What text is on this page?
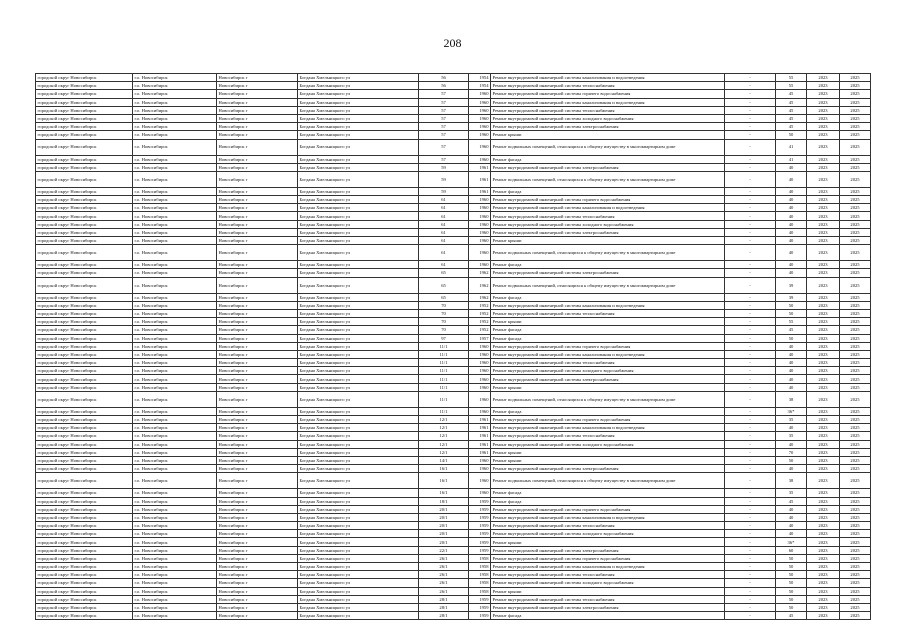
208
городской округ Новосибирск	г.о. Новосибирск	Новосибирск г	Богдана Хмельницкого ул	56	1954	Ремонт внутридомовой инженерной системы канализования и водоотведения	-	55	2023	2025
городской округ Новосибирск	г.о. Новосибирск	Новосибирск г	Богдана Хмельницкого ул	56	1954	Ремонт внутридомовой инженерной системы теплоснабжения	-	55	2023	2025
городской округ Новосибирск	г.о. Новосибирск	Новосибирск г	Богдана Хмельницкого ул	57	1960	Ремонт внутридомовой инженерной системы горячего водоснабжения	-	45	2023	2025
городской округ Новосибирск	г.о. Новосибирск	Новосибирск г	Богдана Хмельницкого ул	57	1960	Ремонт внутридомовой инженерной системы канализования и водоотведения	-	45	2023	2025
городской округ Новосибирск	г.о. Новосибирск	Новосибирск г	Богдана Хмельницкого ул	57	1960	Ремонт внутридомовой инженерной системы теплоснабжения	-	45	2023	2025
городской округ Новосибирск	г.о. Новосибирск	Новосибирск г	Богдана Хмельницкого ул	57	1960	Ремонт внутридомовой инженерной системы холодного водоснабжения	-	45	2023	2025
городской округ Новосибирск	г.о. Новосибирск	Новосибирск г	Богдана Хмельницкого ул	57	1960	Ремонт внутридомовой инженерной системы электроснабжения	-	45	2023	2025
городской округ Новосибирск	г.о. Новосибирск	Новосибирск г	Богдана Хмельницкого ул	57	1960	Ремонт крыши	-	50	2023	2025
городской округ Новосибирск	г.о. Новосибирск	Новосибирск г	Богдана Хмельницкого ул	57	1960	Ремонт подвальных помещений, относящихся к общему имуществу в многоквартирном доме	-	41	2023	2025
городской округ Новосибирск	г.о. Новосибирск	Новосибирск г	Богдана Хмельницкого ул	57	1960	Ремонт фасада	-	41	2023	2025
городской округ Новосибирск	г.о. Новосибирск	Новосибирск г	Богдана Хмельницкого ул	59	1961	Ремонт внутридомовой инженерной системы электроснабжения	-	40	2023	2025
городской округ Новосибирск	г.о. Новосибирск	Новосибирск г	Богдана Хмельницкого ул	59	1961	Ремонт подвальных помещений, относящихся к общему имуществу в многоквартирном доме	-	40	2023	2025
городской округ Новосибирск	г.о. Новосибирск	Новосибирск г	Богдана Хмельницкого ул	59	1961	Ремонт фасада	-	40	2023	2025
городской округ Новосибирск	г.о. Новосибирск	Новосибирск г	Богдана Хмельницкого ул	61	1960	Ремонт внутридомовой инженерной системы горячего водоснабжения	-	40	2023	2025
городской округ Новосибирск	г.о. Новосибирск	Новосибирск г	Богдана Хмельницкого ул	61	1960	Ремонт внутридомовой инженерной системы канализования и водоотведения	-	40	2023	2025
городской округ Новосибирск	г.о. Новосибирск	Новосибирск г	Богдана Хмельницкого ул	61	1960	Ремонт внутридомовой инженерной системы теплоснабжения	-	40	2023	2025
городской округ Новосибирск	г.о. Новосибирск	Новосибирск г	Богдана Хмельницкого ул	61	1960	Ремонт внутридомовой инженерной системы холодного водоснабжения	-	40	2023	2025
городской округ Новосибирск	г.о. Новосибирск	Новосибирск г	Богдана Хмельницкого ул	61	1960	Ремонт внутридомовой инженерной системы электроснабжения	-	40	2023	2025
городской округ Новосибирск	г.о. Новосибирск	Новосибирск г	Богдана Хмельницкого ул	61	1960	Ремонт крыши	-	40	2023	2025
городской округ Новосибирск	г.о. Новосибирск	Новосибирск г	Богдана Хмельницкого ул	61	1960	Ремонт подвальных помещений, относящихся к общему имуществу в многоквартирном доме	-	40	2023	2025
городской округ Новосибирск	г.о. Новосибирск	Новосибирск г	Богдана Хмельницкого ул	61	1960	Ремонт фасада	-	40	2023	2025
городской округ Новосибирск	г.о. Новосибирск	Новосибирск г	Богдана Хмельницкого ул	65	1962	Ремонт внутридомовой инженерной системы электроснабжения	-	40	2023	2025
городской округ Новосибирск	г.о. Новосибирск	Новосибирск г	Богдана Хмельницкого ул	65	1962	Ремонт подвальных помещений, относящихся к общему имуществу в многоквартирном доме	-	39	2023	2025
городской округ Новосибирск	г.о. Новосибирск	Новосибирск г	Богдана Хмельницкого ул	65	1962	Ремонт фасада	-	39	2023	2025
городской округ Новосибирск	г.о. Новосибирск	Новосибирск г	Богдана Хмельницкого ул	70	1952	Ремонт внутридомовой инженерной системы канализования и водоотведения	-	50	2023	2025
городской округ Новосибирск	г.о. Новосибирск	Новосибирск г	Богдана Хмельницкого ул	70	1952	Ремонт внутридомовой инженерной системы теплоснабжения	-	50	2023	2025
городской округ Новосибирск	г.о. Новосибирск	Новосибирск г	Богдана Хмельницкого ул	70	1952	Ремонт крыши	-	55	2023	2025
городской округ Новосибирск	г.о. Новосибирск	Новосибирск г	Богдана Хмельницкого ул	70	1952	Ремонт фасада	-	45	2023	2025
городской округ Новосибирск	г.о. Новосибирск	Новосибирск г	Богдана Хмельницкого ул	97	1957	Ремонт фасада	-	50	2023	2025
городской округ Новосибирск	г.о. Новосибирск	Новосибирск г	Богдана Хмельницкого ул	11/1	1960	Ремонт внутридомовой инженерной системы горячего водоснабжения	-	40	2023	2025
городской округ Новосибирск	г.о. Новосибирск	Новосибирск г	Богдана Хмельницкого ул	11/1	1960	Ремонт внутридомовой инженерной системы канализования и водоотведения	-	40	2023	2025
городской округ Новосибирск	г.о. Новосибирск	Новосибирск г	Богдана Хмельницкого ул	11/1	1960	Ремонт внутридомовой инженерной системы теплоснабжения	-	40	2023	2025
городской округ Новосибирск	г.о. Новосибирск	Новосибирск г	Богдана Хмельницкого ул	11/1	1960	Ремонт внутридомовой инженерной системы холодного водоснабжения	-	40	2023	2025
городской округ Новосибирск	г.о. Новосибирск	Новосибирск г	Богдана Хмельницкого ул	11/1	1960	Ремонт внутридомовой инженерной системы электроснабжения	-	40	2023	2025
городской округ Новосибирск	г.о. Новосибирск	Новосибирск г	Богдана Хмельницкого ул	11/1	1960	Ремонт крыши	-	40	2023	2025
городской округ Новосибирск	г.о. Новосибирск	Новосибирск г	Богдана Хмельницкого ул	11/1	1960	Ремонт подвальных помещений, относящихся к общему имуществу в многоквартирном доме	-	38	2023	2025
городской округ Новосибирск	г.о. Новосибирск	Новосибирск г	Богдана Хмельницкого ул	11/1	1960	Ремонт фасада	-	36*	2023	2025
городской округ Новосибирск	г.о. Новосибирск	Новосибирск г	Богдана Хмельницкого ул	12/1	1961	Ремонт внутридомовой инженерной системы горячего водоснабжения	-	35	2023	2025
городской округ Новосибирск	г.о. Новосибирск	Новосибирск г	Богдана Хмельницкого ул	12/1	1961	Ремонт внутридомовой инженерной системы канализования и водоотведения	-	40	2023	2025
городской округ Новосибирск	г.о. Новосибирск	Новосибирск г	Богдана Хмельницкого ул	12/1	1961	Ремонт внутридомовой инженерной системы теплоснабжения	-	35	2023	2025
городской округ Новосибирск	г.о. Новосибирск	Новосибирск г	Богдана Хмельницкого ул	12/1	1961	Ремонт внутридомовой инженерной системы холодного водоснабжения	-	40	2023	2025
городской округ Новосибирск	г.о. Новосибирск	Новосибирск г	Богдана Хмельницкого ул	12/1	1961	Ремонт крыши	-	70	2023	2025
городской округ Новосибирск	г.о. Новосибирск	Новосибирск г	Богдана Хмельницкого ул	14/1	1960	Ремонт крыши	-	50	2023	2025
городской округ Новосибирск	г.о. Новосибирск	Новосибирск г	Богдана Хмельницкого ул	16/1	1960	Ремонт внутридомовой инженерной системы электроснабжения	-	40	2023	2025
городской округ Новосибирск	г.о. Новосибирск	Новосибирск г	Богдана Хмельницкого ул	16/1	1960	Ремонт подвальных помещений, относящихся к общему имуществу в многоквартирном доме	-	38	2023	2025
городской округ Новосибирск	г.о. Новосибирск	Новосибирск г	Богдана Хмельницкого ул	16/1	1960	Ремонт фасада	-	35	2023	2025
городской округ Новосибирск	г.о. Новосибирск	Новосибирск г	Богдана Хмельницкого ул	18/1	1959	Ремонт фасада	-	45	2023	2025
городской округ Новосибирск	г.о. Новосибирск	Новосибирск г	Богдана Хмельницкого ул	20/1	1959	Ремонт внутридомовой инженерной системы горячего водоснабжения	-	40	2023	2025
городской округ Новосибирск	г.о. Новосибирск	Новосибирск г	Богдана Хмельницкого ул	20/1	1959	Ремонт внутридомовой инженерной системы канализования и водоотведения	-	40	2023	2025
городской округ Новосибирск	г.о. Новосибирск	Новосибирск г	Богдана Хмельницкого ул	20/1	1959	Ремонт внутридомовой инженерной системы теплоснабжения	-	40	2023	2025
городской округ Новосибирск	г.о. Новосибирск	Новосибирск г	Богдана Хмельницкого ул	20/1	1959	Ремонт внутридомовой инженерной системы холодного водоснабжения	-	40	2023	2025
городской округ Новосибирск	г.о. Новосибирск	Новосибирск г	Богдана Хмельницкого ул	20/1	1959	Ремонт крыши	-	36*	2023	2025
городской округ Новосибирск	г.о. Новосибирск	Новосибирск г	Богдана Хмельницкого ул	22/1	1959	Ремонт внутридомовой инженерной системы электроснабжения	-	60	2023	2025
городской округ Новосибирск	г.о. Новосибирск	Новосибирск г	Богдана Хмельницкого ул	26/1	1958	Ремонт внутридомовой инженерной системы горячего водоснабжения	-	50	2023	2025
городской округ Новосибирск	г.о. Новосибирск	Новосибирск г	Богдана Хмельницкого ул	26/1	1958	Ремонт внутридомовой инженерной системы канализования и водоотведения	-	50	2023	2025
городской округ Новосибирск	г.о. Новосибирск	Новосибирск г	Богдана Хмельницкого ул	26/1	1958	Ремонт внутридомовой инженерной системы теплоснабжения	-	50	2023	2025
городской округ Новосибирск	г.о. Новосибирск	Новосибирск г	Богдана Хмельницкого ул	26/1	1958	Ремонт внутридомовой инженерной системы холодного водоснабжения	-	50	2023	2025
городской округ Новосибирск	г.о. Новосибирск	Новосибирск г	Богдана Хмельницкого ул	26/1	1958	Ремонт крыши	-	50	2023	2025
городской округ Новосибирск	г.о. Новосибирск	Новосибирск г	Богдана Хмельницкого ул	28/1	1959	Ремонт внутридомовой инженерной системы теплоснабжения	-	50	2023	2025
городской округ Новосибирск	г.о. Новосибирск	Новосибирск г	Богдана Хмельницкого ул	28/1	1959	Ремонт внутридомовой инженерной системы электроснабжения	-	50	2023	2025
городской округ Новосибирск	г.о. Новосибирск	Новосибирск г	Богдана Хмельницкого ул	28/1	1959	Ремонт фасада	-	45	2023	2025
